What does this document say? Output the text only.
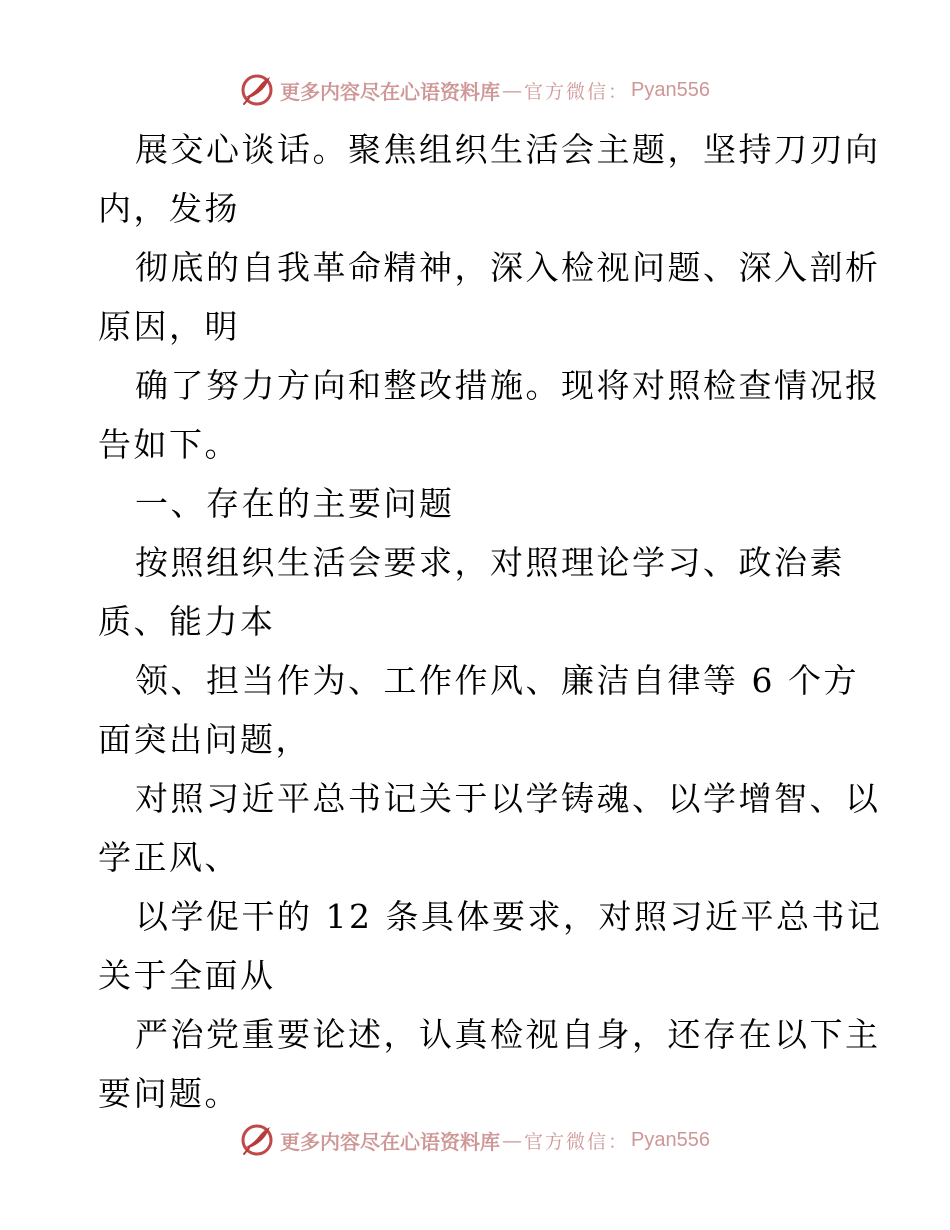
更多内容尽在心语资料库 — 官方微信： Pyan556

展交心谈话。聚焦组织生活会主题，坚持刀刃向
内，发扬

彻底的自我革命精神，深入检视问题、深入剖析
原因，明

确了努力方向和整改措施。现将对照检查情况报
告如下。

一、存在的主要问题

按照组织生活会要求，对照理论学习、政治素
质、能力本

领、担当作为、工作作风、廉洁自律等 6 个方
面突出问题，

对照习近平总书记关于以学铸魂、以学增智、以
学正风、

以学促干的 12 条具体要求，对照习近平总书记
关于全面从

严治党重要论述，认真检视自身，还存在以下主
要问题。

更多内容尽在心语资料库 — 官方微信： Pyan556
